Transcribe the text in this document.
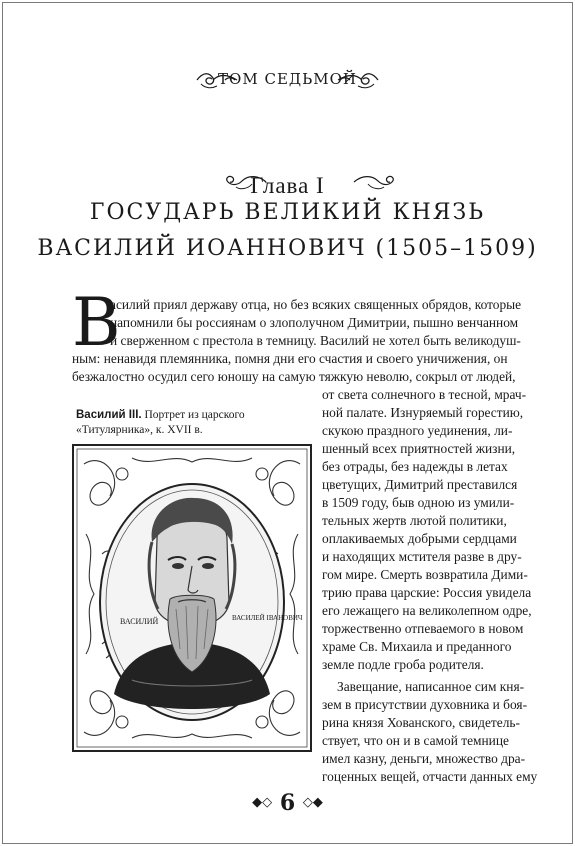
ТОМ СЕДЬМОЙ
Глава I
ГОСУДАРЬ ВЕЛИКИЙ КНЯЗЬ
ВАСИЛИЙ ИОАННОВИЧ (1505–1509)
В
асилий приял державу отца, но без всяких священных обрядов, которые
напомнили бы россиянам о злополучном Димитрии, пышно венчанном
и сверженном с престола в темницу. Василий не хотел быть великодуш-
ным: ненавидя племянника, помня дни его счастия и своего уничижения, он
безжалостно осудил сего юношу на самую тяжкую неволю, сокрыл от людей,
Василий III. Портрет из царского «Титулярника», к. XVII в.
ВАСИЛИЙ	ВАСИЛЕЙ ІВАНОВИЧ
от света солнечного в тесной, мрач-
ной палате. Изнуряемый горестию,
скукою праздного уединения, ли-
шенный всех приятностей жизни,
без отрады, без надежды в летах
цветущих, Димитрий преставился
в 1509 году, быв одною из умили-
тельных жертв лютой политики,
оплакиваемых добрыми сердцами
и находящих мстителя разве в дру-
гом мире. Смерть возвратила Дими-
трию права царские: Россия увидела
его лежащего на великолепном одре,
торжественно отпеваемого в новом
храме Св. Михаила и преданного
земле подле гроба родителя.
Завещание, написанное сим кня-
зем в присутствии духовника и боя-
рина князя Хованского, свидетель-
ствует, что он и в самой темнице
имел казну, деньги, множество дра-
гоценных вещей, отчасти данных ему
◆◇ 6 ◇◆
